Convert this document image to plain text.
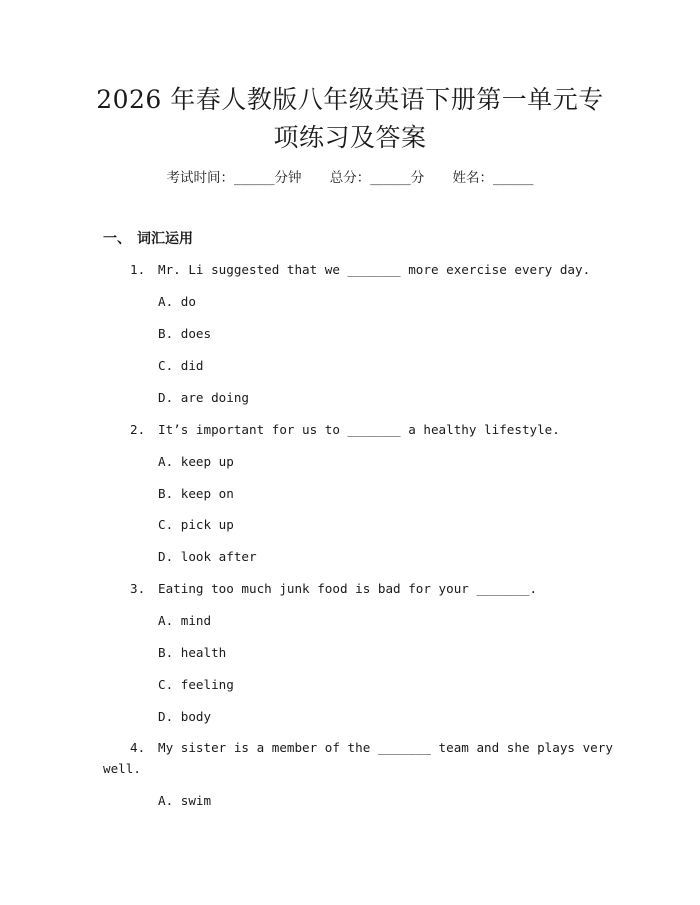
2026 年春人教版八年级英语下册第一单元专
项练习及答案
考试时间：______分钟 总分：______分 姓名：______
一、 词汇运用
1. Mr. Li suggested that we _______ more exercise every day.
A. do
B. does
C. did
D. are doing
2. It’s important for us to _______ a healthy lifestyle.
A. keep up
B. keep on
C. pick up
D. look after
3. Eating too much junk food is bad for your _______.
A. mind
B. health
C. feeling
D. body
4. My sister is a member of the _______ team and she plays very
well.
A. swim
